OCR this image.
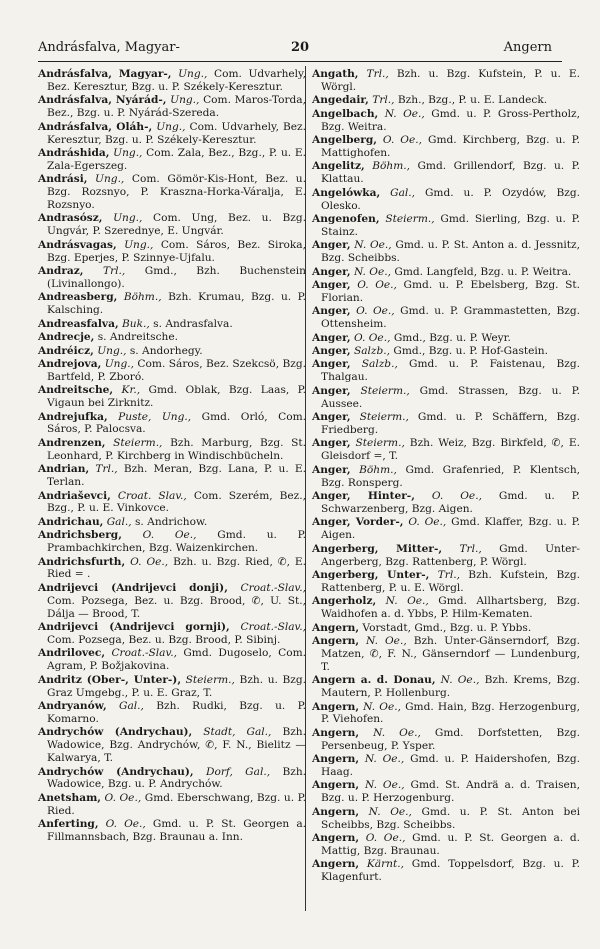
Andrásfalva, Magyar-	20	Angern
Andrásfalva, Magyar-, Ung., Com. Udvarhely, Bez. Keresztur, Bzg. u. P. Székely-Keresztur.
Andrásfalva, Nyárád-, Ung., Com. Maros-Torda, Bez., Bzg. u. P. Nyárád-Szereda.
Andrásfalva, Oláh-, Ung., Com. Udvarhely, Bez. Keresztur, Bzg. u. P. Székely-Keresztur.
Andráshida, Ung., Com. Zala, Bez., Bzg., P. u. E. Zala-Egerszeg.
Andrási, Ung., Com. Gömör-Kis-Hont, Bez. u. Bzg. Rozsnyo, P. Kraszna-Horka-Váralja, E. Rozsnyo.
Andrasósz, Ung., Com. Ung, Bez. u. Bzg. Ungvár, P. Szerednye, E. Ungvár.
Andrásvagas, Ung., Com. Sáros, Bez. Siroka, Bzg. Eperjes, P. Szinnye-Ujfalu.
Andraz, Trl., Gmd., Bzh. Buchenstein (Livinallongo).
Andreasberg, Böhm., Bzh. Krumau, Bzg. u. P. Kalsching.
Andreasfalva, Buk., s. Andrasfalva.
Andrecje, s. Andreitsche.
Andréicz, Ung., s. Andorhegy.
Andrejova, Ung., Com. Sáros, Bez. Szekcsö, Bzg. Bartfeld, P. Zboró.
Andreitsche, Kr., Gmd. Oblak, Bzg. Laas, P. Vigaun bei Zirknitz.
Andrejufka, Puste, Ung., Gmd. Orló, Com. Sáros, P. Palocsva.
Andrenzen, Steierm., Bzh. Marburg, Bzg. St. Leonhard, P. Kirchberg in Windischbücheln.
Andrian, Trl., Bzh. Meran, Bzg. Lana, P. u. E. Terlan.
Andriaševci, Croat. Slav., Com. Szerém, Bez., Bzg., P. u. E. Vinkovce.
Andrichau, Gal., s. Andrichow.
Andrichsberg, O. Oe., Gmd. u. P. Prambachkirchen, Bzg. Waizenkirchen.
Andrichsfurth, O. Oe., Bzh. u. Bzg. Ried, ✆, E. Ried = .
Andrijevci (Andrijevci donji), Croat.-Slav., Com. Pozsega, Bez. u. Bzg. Brood, ✆, U. St., Dálja — Brood, T.
Andrijevci (Andrijevci gornji), Croat.-Slav., Com. Pozsega, Bez. u. Bzg. Brood, P. Sibinj.
Andrilovec, Croat.-Slav., Gmd. Dugoselo, Com. Agram, P. Božjakovina.
Andritz (Ober-, Unter-), Steierm., Bzh. u. Bzg. Graz Umgebg., P. u. E. Graz, T.
Andryanów, Gal., Bzh. Rudki, Bzg. u. P. Komarno.
Andrychów (Andrychau), Stadt, Gal., Bzh. Wadowice, Bzg. Andrychów, ✆, F. N., Bielitz — Kalwarya, T.
Andrychów (Andrychau), Dorf, Gal., Bzh. Wadowice, Bzg. u. P. Andrychów.
Anetsham, O. Oe., Gmd. Eberschwang, Bzg. u. P. Ried.
Anferting, O. Oe., Gmd. u. P. St. Georgen a. Fillmannsbach, Bzg. Braunau a. Inn.
Angath, Trl., Bzh. u. Bzg. Kufstein, P. u. E. Wörgl.
Angedair, Trl., Bzh., Bzg., P. u. E. Landeck.
Angelbach, N. Oe., Gmd. u. P. Gross-Pertholz, Bzg. Weitra.
Angelberg, O. Oe., Gmd. Kirchberg, Bzg. u. P. Mattighofen.
Angelitz, Böhm., Gmd. Grillendorf, Bzg. u. P. Klattau.
Angelówka, Gal., Gmd. u. P. Ozydów, Bzg. Olesko.
Angenofen, Steierm., Gmd. Sierling, Bzg. u. P. Stainz.
Anger, N. Oe., Gmd. u. P. St. Anton a. d. Jessnitz, Bzg. Scheibbs.
Anger, N. Oe., Gmd. Langfeld, Bzg. u. P. Weitra.
Anger, O. Oe., Gmd. u. P. Ebelsberg, Bzg. St. Florian.
Anger, O. Oe., Gmd. u. P. Grammastetten, Bzg. Ottensheim.
Anger, O. Oe., Gmd., Bzg. u. P. Weyr.
Anger, Salzb., Gmd., Bzg. u. P. Hof-Gastein.
Anger, Salzb., Gmd. u. P. Faistenau, Bzg. Thalgau.
Anger, Steierm., Gmd. Strassen, Bzg. u. P. Aussee.
Anger, Steierm., Gmd. u. P. Schäffern, Bzg. Friedberg.
Anger, Steierm., Bzh. Weiz, Bzg. Birkfeld, ✆, E. Gleisdorf =, T.
Anger, Böhm., Gmd. Grafenried, P. Klentsch, Bzg. Ronsperg.
Anger, Hinter-, O. Oe., Gmd. u. P. Schwarzenberg, Bzg. Aigen.
Anger, Vorder-, O. Oe., Gmd. Klaffer, Bzg. u. P. Aigen.
Angerberg, Mitter-, Trl., Gmd. Unter-Angerberg, Bzg. Rattenberg, P. Wörgl.
Angerberg, Unter-, Trl., Bzh. Kufstein, Bzg. Rattenberg, P. u. E. Wörgl.
Angerholz, N. Oe., Gmd. Allhartsberg, Bzg. Waidhofen a. d. Ybbs, P. Hilm-Kematen.
Angern, Vorstadt, Gmd., Bzg. u. P. Ybbs.
Angern, N. Oe., Bzh. Unter-Gänserndorf, Bzg. Matzen, ✆, F. N., Gänserndorf — Lundenburg, T.
Angern a. d. Donau, N. Oe., Bzh. Krems, Bzg. Mautern, P. Hollenburg.
Angern, N. Oe., Gmd. Hain, Bzg. Herzogenburg, P. Viehofen.
Angern, N. Oe., Gmd. Dorfstetten, Bzg. Persenbeug, P. Ysper.
Angern, N. Oe., Gmd. u. P. Haidershofen, Bzg. Haag.
Angern, N. Oe., Gmd. St. Andrä a. d. Traisen, Bzg. u. P. Herzogenburg.
Angern, N. Oe., Gmd. u. P. St. Anton bei Scheibbs, Bzg. Scheibbs.
Angern, O. Oe., Gmd. u. P. St. Georgen a. d. Mattig, Bzg. Braunau.
Angern, Kärnt., Gmd. Toppelsdorf, Bzg. u. P. Klagenfurt.
